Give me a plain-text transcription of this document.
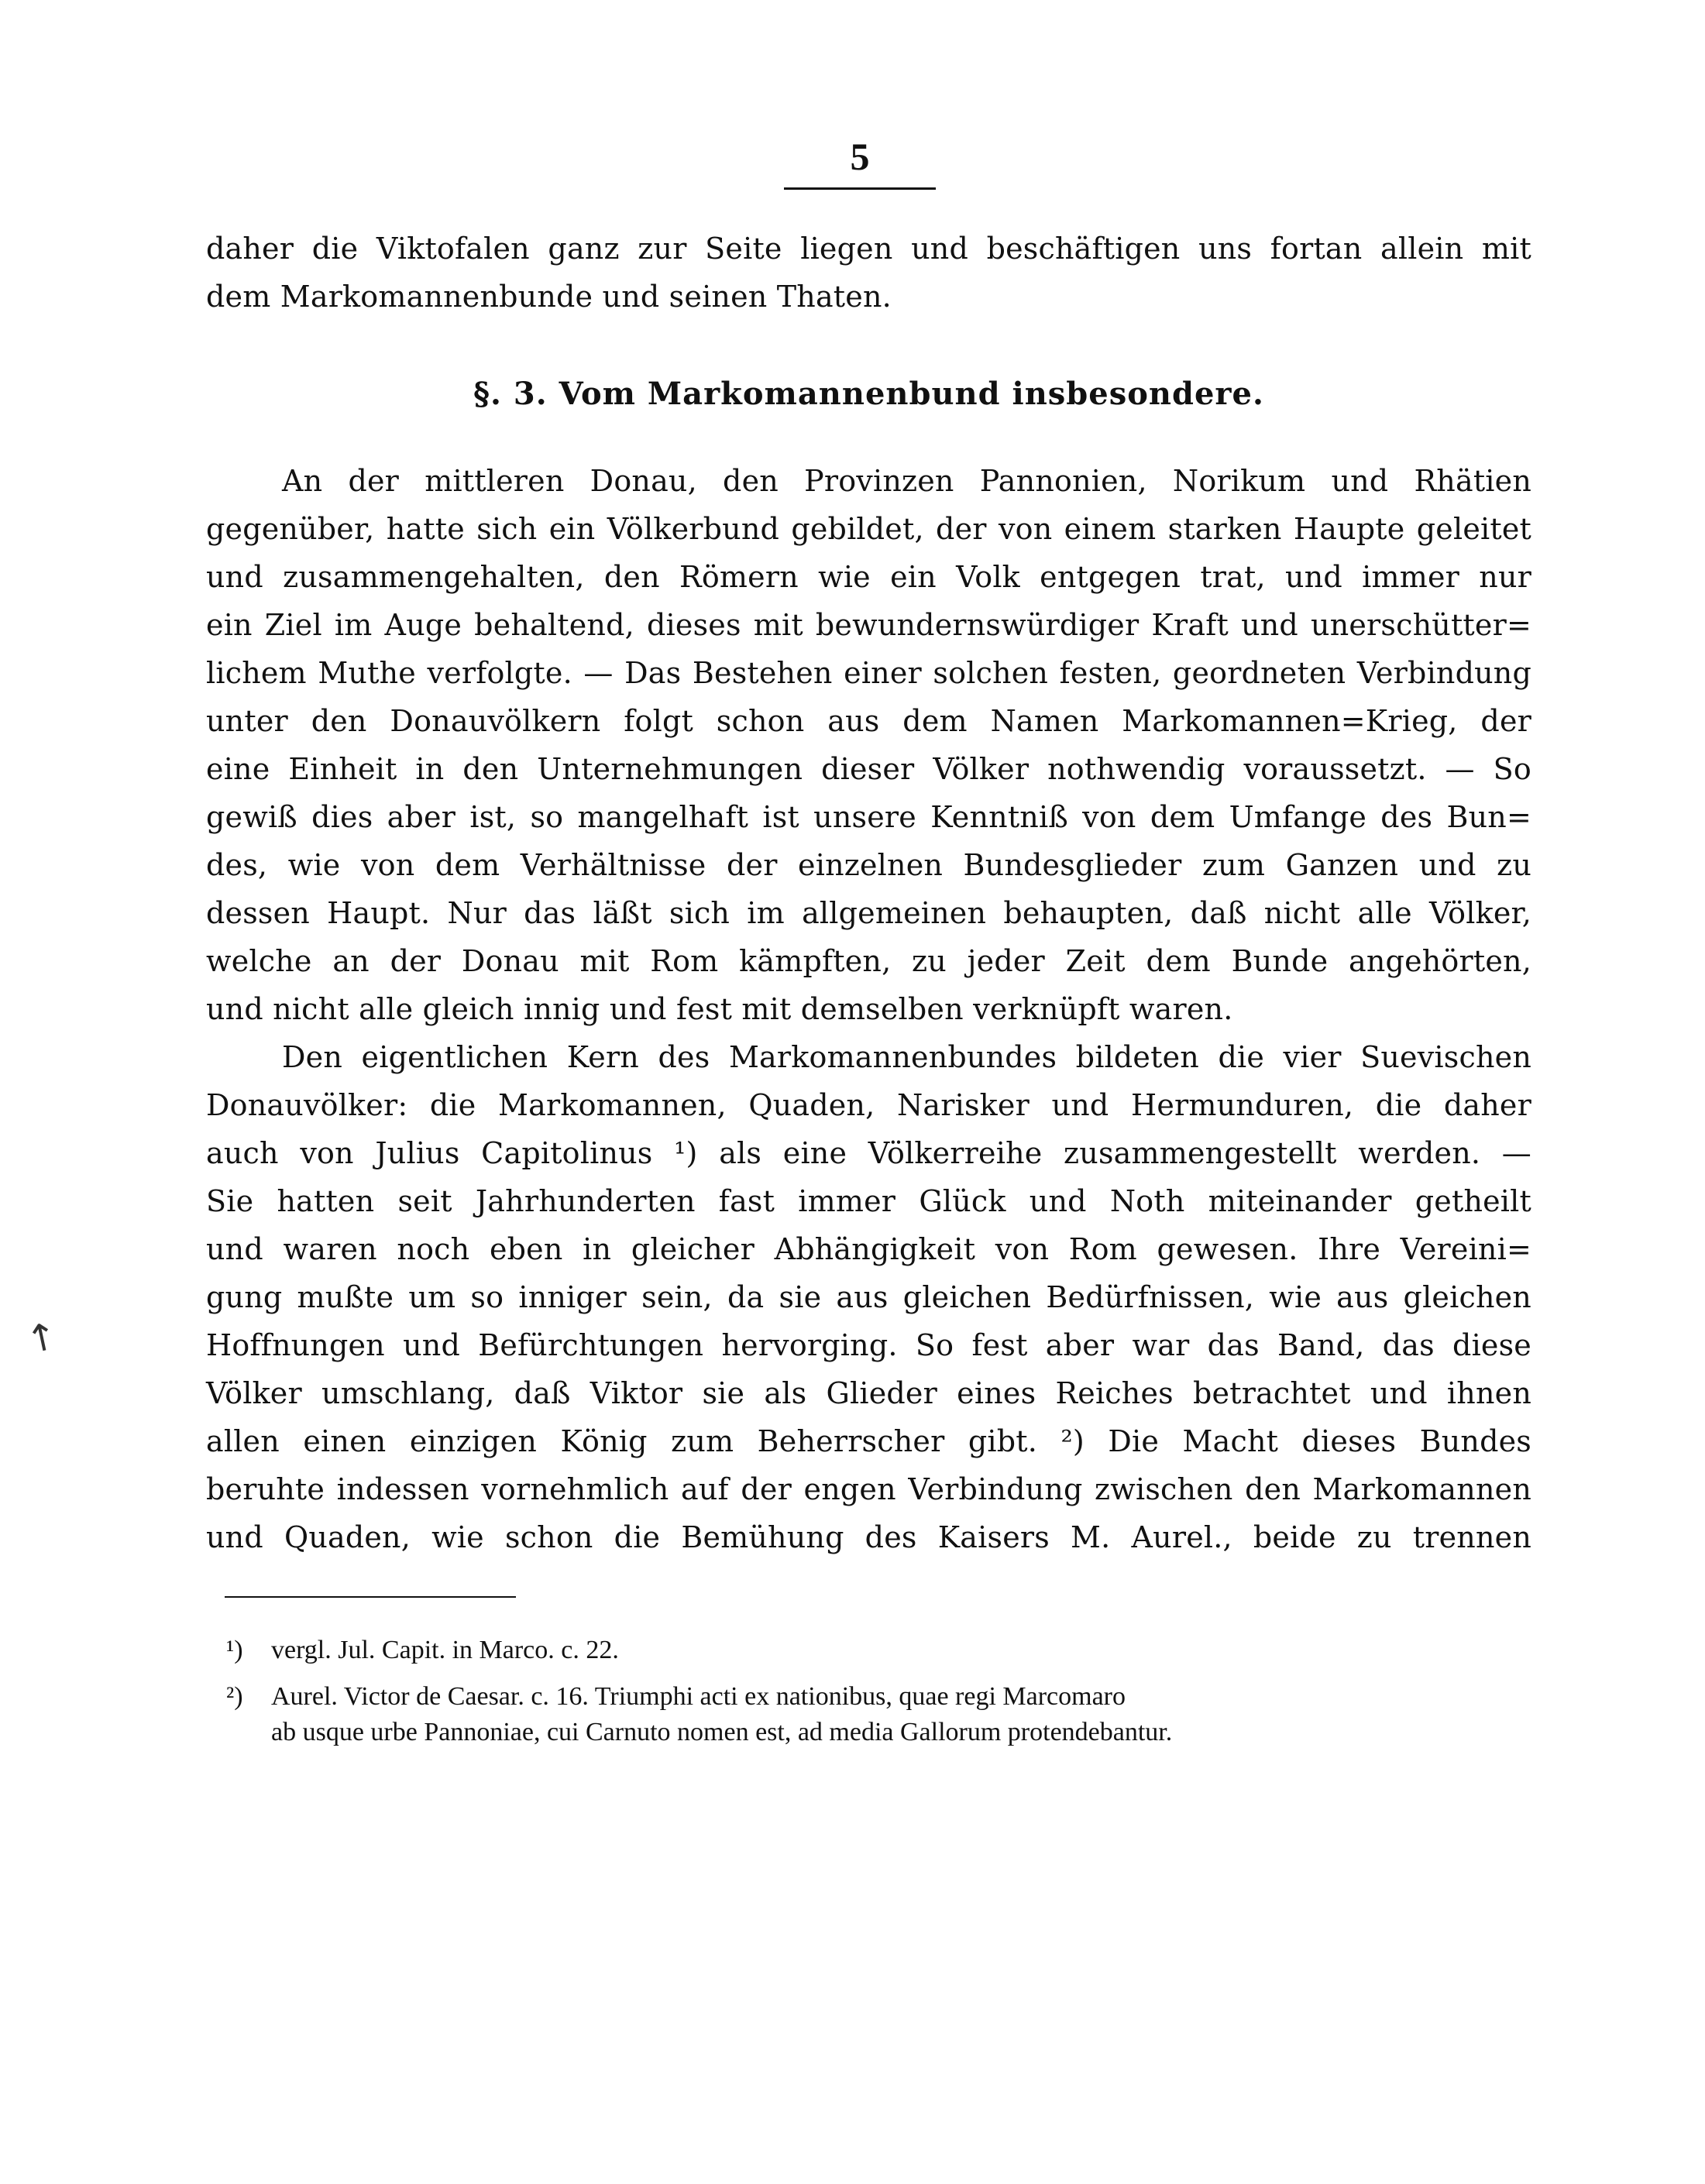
5
daher die Viktofalen ganz zur Seite liegen und beschäftigen uns fortan allein mit
dem Markomannenbunde und seinen Thaten.
§. 3. Vom Markomannenbund insbesondere.
An der mittleren Donau, den Provinzen Pannonien, Norikum und Rhätien
gegenüber, hatte sich ein Völkerbund gebildet, der von einem starken Haupte geleitet
und zusammengehalten, den Römern wie ein Volk entgegen trat, und immer nur
ein Ziel im Auge behaltend, dieses mit bewundernswürdiger Kraft und unerschütter=
lichem Muthe verfolgte. — Das Bestehen einer solchen festen, geordneten Verbindung
unter den Donauvölkern folgt schon aus dem Namen Markomannen=Krieg, der
eine Einheit in den Unternehmungen dieser Völker nothwendig voraussetzt. — So
gewiß dies aber ist, so mangelhaft ist unsere Kenntniß von dem Umfange des Bun=
des, wie von dem Verhältnisse der einzelnen Bundesglieder zum Ganzen und zu
dessen Haupt. Nur das läßt sich im allgemeinen behaupten, daß nicht alle Völker,
welche an der Donau mit Rom kämpften, zu jeder Zeit dem Bunde angehörten,
und nicht alle gleich innig und fest mit demselben verknüpft waren.
Den eigentlichen Kern des Markomannenbundes bildeten die vier Suevischen
Donauvölker: die Markomannen, Quaden, Narisker und Hermunduren, die daher
auch von Julius Capitolinus ¹) als eine Völkerreihe zusammengestellt werden. —
Sie hatten seit Jahrhunderten fast immer Glück und Noth miteinander getheilt
und waren noch eben in gleicher Abhängigkeit von Rom gewesen. Ihre Vereini=
gung mußte um so inniger sein, da sie aus gleichen Bedürfnissen, wie aus gleichen
Hoffnungen und Befürchtungen hervorging. So fest aber war das Band, das diese
Völker umschlang, daß Viktor sie als Glieder eines Reiches betrachtet und ihnen
allen einen einzigen König zum Beherrscher gibt. ²) Die Macht dieses Bundes
beruhte indessen vornehmlich auf der engen Verbindung zwischen den Markomannen
und Quaden, wie schon die Bemühung des Kaisers M. Aurel., beide zu trennen
¹)	vergl. Jul. Capit. in Marco. c. 22.
²)	Aurel. Victor de Caesar. c. 16. Triumphi acti ex nationibus, quae regi Marcomaro
ab usque urbe Pannoniae, cui Carnuto nomen est, ad media Gallorum protendebantur.
↑
